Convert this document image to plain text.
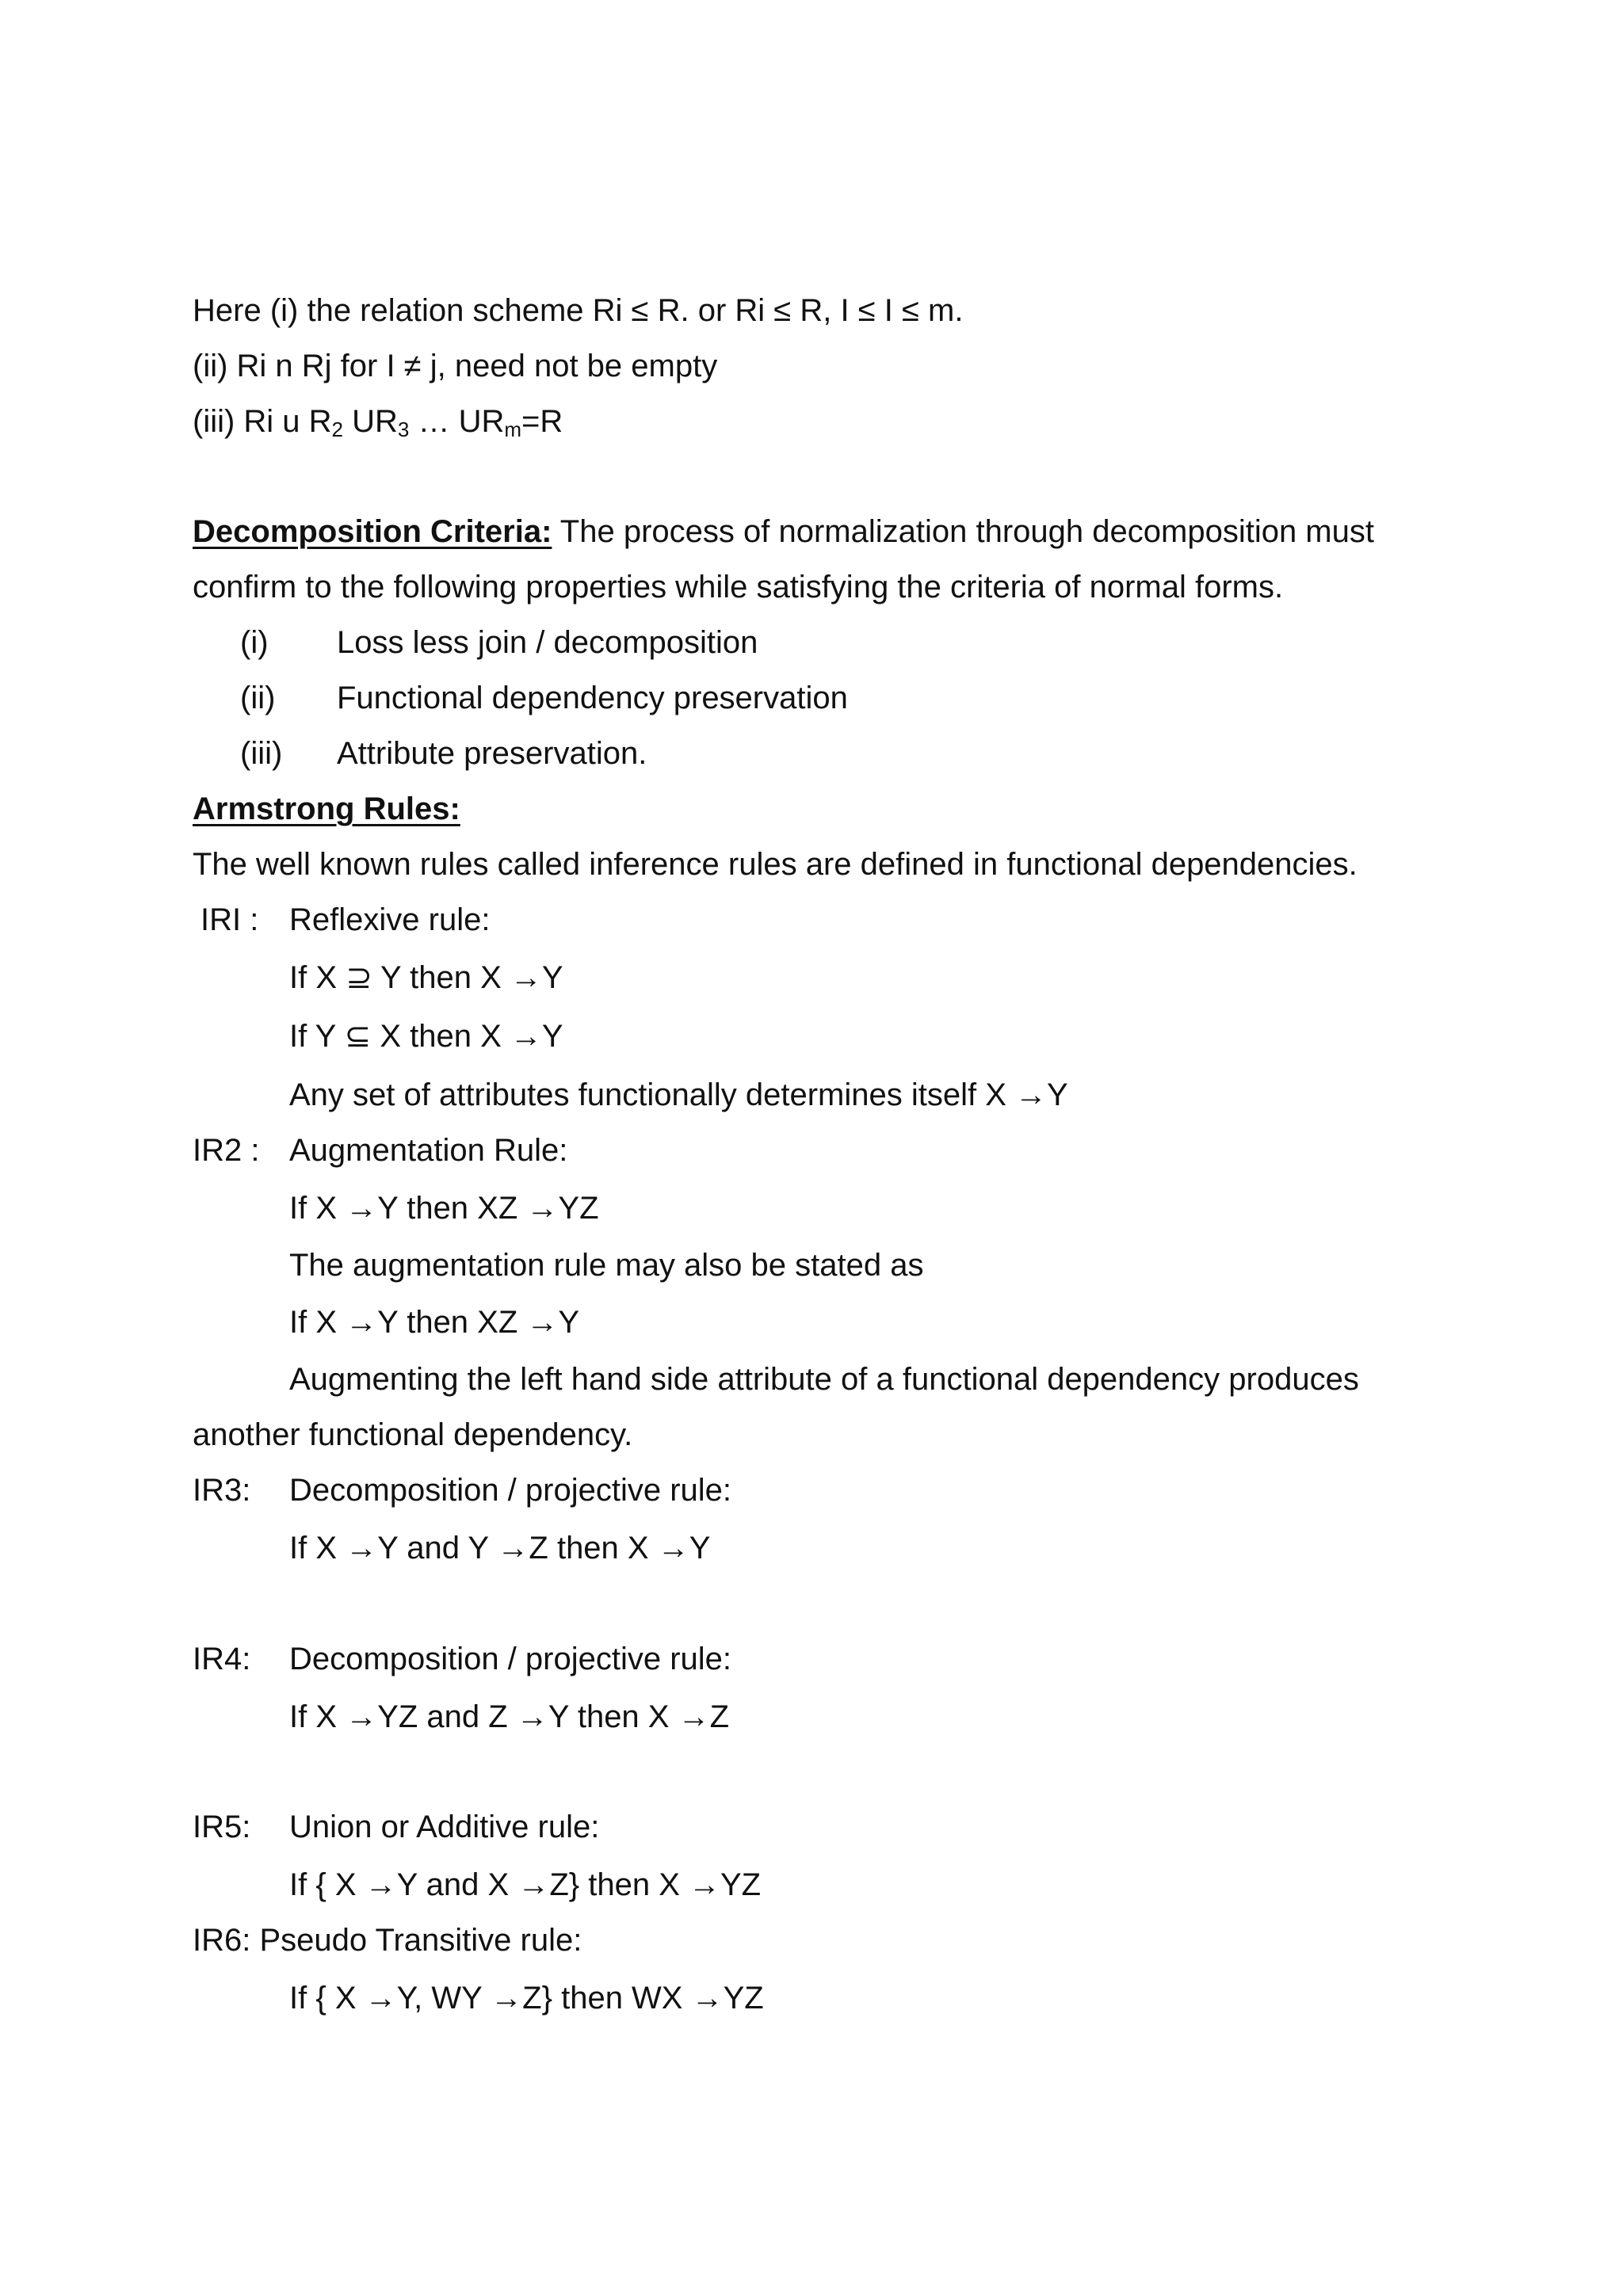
Here (i) the relation scheme Ri ≤ R. or Ri ≤ R, I ≤ I ≤ m.
(ii) Ri n Rj for I ≠ j, need not be empty
(iii) Ri u $R_2$ $UR_3$ … $UR_m=R$
Decomposition Criteria: The process of normalization through decomposition must
confirm to the following properties while satisfying the criteria of normal forms.
(i) Loss less join / decomposition
(ii) Functional dependency preservation
(iii) Attribute preservation.
Armstrong Rules:
The well known rules called inference rules are defined in functional dependencies.
IRI : Reflexive rule:
If X ⊇ Y then X →Y
If Y ⊆ X then X →Y
Any set of attributes functionally determines itself X →Y
IR2 : Augmentation Rule:
If X →Y then XZ →YZ
The augmentation rule may also be stated as
If X →Y then XZ →Y
Augmenting the left hand side attribute of a functional dependency produces
another functional dependency.
IR3: Decomposition / projective rule:
If X →Y and Y →Z then X →Y
IR4: Decomposition / projective rule:
If X →YZ and Z →Y then X →Z
IR5: Union or Additive rule:
If { X →Y and X →Z} then X →YZ
IR6: Pseudo Transitive rule:
If { X →Y, WY →Z} then WX →YZ
